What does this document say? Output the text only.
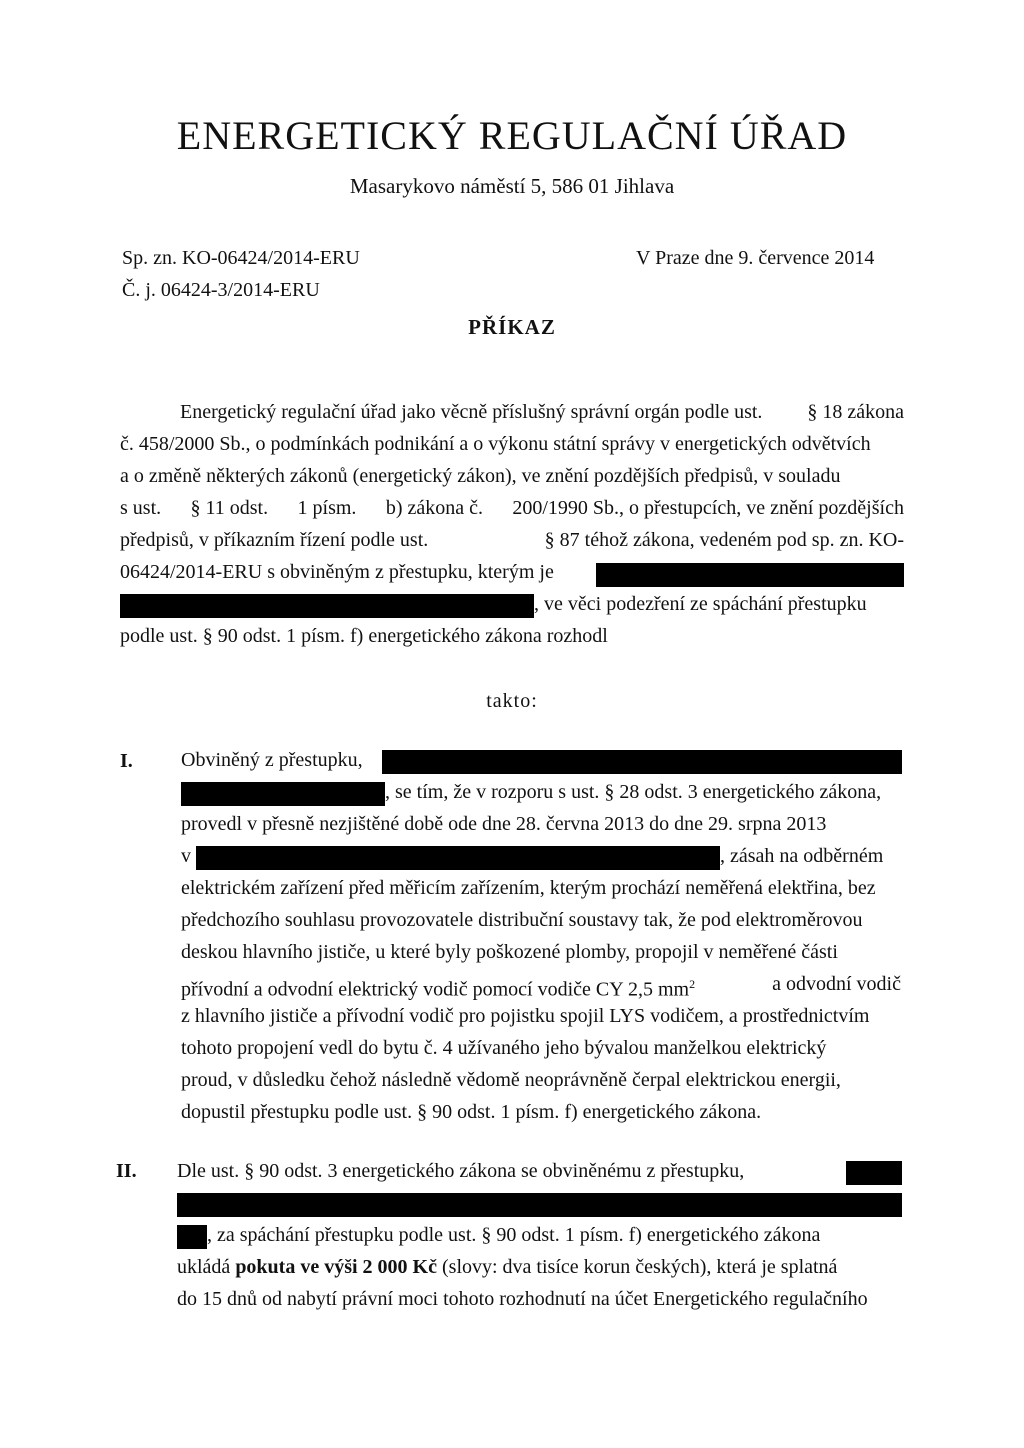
ENERGETICKÝ REGULAČNÍ ÚŘAD
Masarykovo náměstí 5, 586 01 Jihlava
Sp. zn. KO-06424/2014-ERU
Č. j. 06424-3/2014-ERU
V Praze dne 9. července 2014
PŘÍKAZ
Energetický regulační úřad jako věcně příslušný správní orgán podle ust. § 18 zákona
č. 458/2000 Sb., o podmínkách podnikání a o výkonu státní správy v energetických odvětvích
a o změně některých zákonů (energetický zákon), ve znění pozdějších předpisů, v souladu
s ust. § 11 odst. 1 písm. b) zákona č. 200/1990 Sb., o přestupcích, ve znění pozdějších
předpisů, v příkazním řízení podle ust.	§ 87 téhož zákona, vedeném pod sp. zn. KO-
06424/2014-ERU s obviněným z přestupku, kterým je
, ve věci podezření ze spáchání přestupku
podle ust. § 90 odst. 1 písm. f) energetického zákona rozhodl
takto:
I. Obviněný z přestupku,
, se tím, že v rozporu s ust. § 28 odst. 3 energetického zákona,
provedl v přesně nezjištěné době ode dne 28. června 2013 do dne 29. srpna 2013
v	, zásah na odběrném
elektrickém zařízení před měřicím zařízením, kterým prochází neměřená elektřina, bez
předchozího souhlasu provozovatele distribuční soustavy tak, že pod elektroměrovou
deskou hlavního jističe, u které byly poškozené plomby, propojil v neměřené části
přívodní a odvodní elektrický vodič pomocí vodiče CY 2,5 $mm^2$	a odvodní vodič
z hlavního jističe a přívodní vodič pro pojistku spojil LYS vodičem, a prostřednictvím
tohoto propojení vedl do bytu č. 4 užívaného jeho bývalou manželkou elektrický
proud, v důsledku čehož následně vědomě neoprávněně čerpal elektrickou energii,
dopustil přestupku podle ust. § 90 odst. 1 písm. f) energetického zákona.
II. Dle ust. § 90 odst. 3 energetického zákona se obviněnému z přestupku,
, za spáchání přestupku podle ust. § 90 odst. 1 písm. f) energetického zákona
ukládá pokuta ve výši 2 000 Kč (slovy: dva tisíce korun českých), která je splatná
do 15 dnů od nabytí právní moci tohoto rozhodnutí na účet Energetického regulačního
